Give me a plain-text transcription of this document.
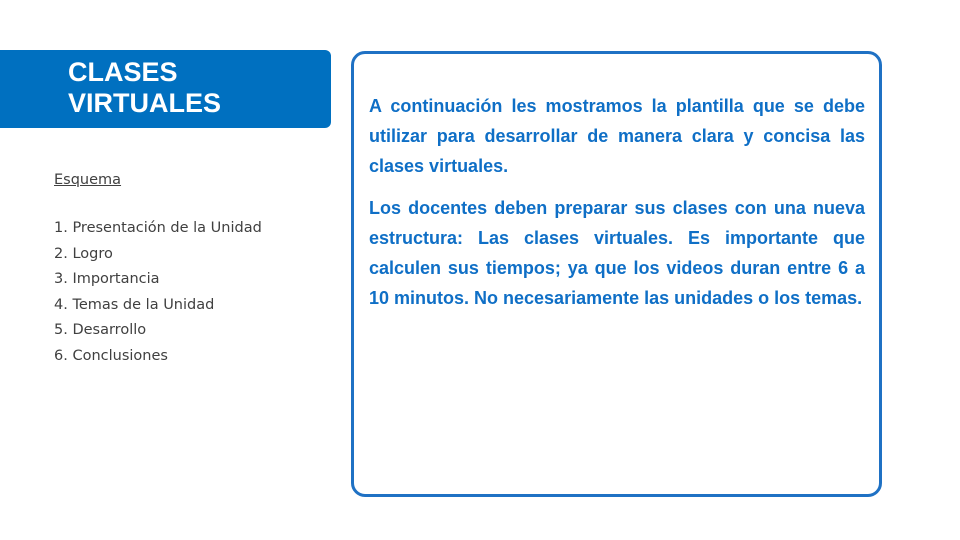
CLASES
VIRTUALES
Esquema
1. Presentación de la Unidad
2. Logro
3. Importancia
4. Temas de la Unidad
5. Desarrollo
6. Conclusiones

A continuación les mostramos la plantilla que se debe utilizar para desarrollar de manera clara y concisa las clases virtuales.

Los docentes deben preparar sus clases con una nueva estructura: Las clases virtuales. Es importante que calculen sus tiempos; ya que los videos duran entre 6 a 10 minutos. No necesariamente las unidades o los temas.
